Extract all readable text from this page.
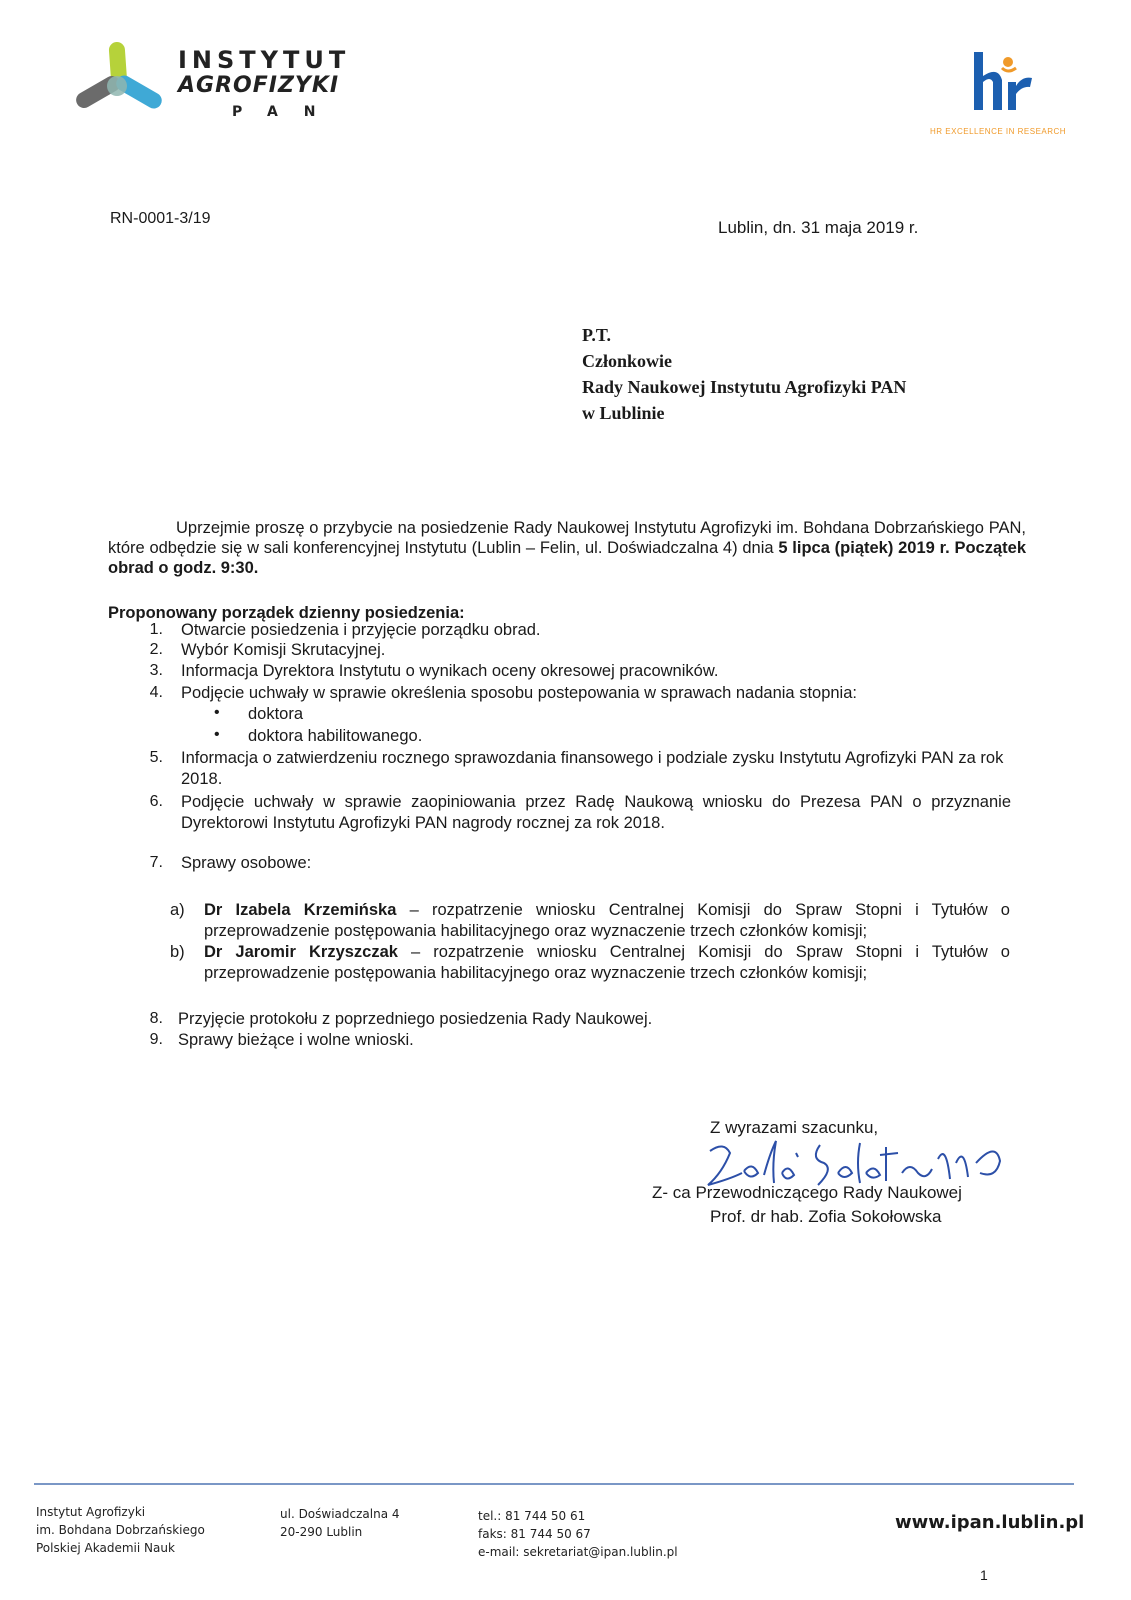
INSTYTUT
AGROFIZYKI
PAN
HR EXCELLENCE IN RESEARCH
RN-0001-3/19	Lublin, dn. 31 maja 2019 r.
P.T.
Członkowie
Rady Naukowej Instytutu Agrofizyki PAN
w Lublinie
Uprzejmie proszę o przybycie na posiedzenie Rady Naukowej Instytutu Agrofizyki im. Bohdana Dobrzańskiego PAN, które odbędzie się w sali konferencyjnej Instytutu (Lublin – Felin, ul. Doświadczalna 4) dnia 5 lipca (piątek) 2019 r. Początek obrad o godz. 9:30.
Proponowany porządek dzienny posiedzenia:
1. Otwarcie posiedzenia i przyjęcie porządku obrad.
2. Wybór Komisji Skrutacyjnej.
3. Informacja Dyrektora Instytutu o wynikach oceny okresowej pracowników.
4. Podjęcie uchwały w sprawie określenia sposobu postepowania w sprawach nadania stopnia:
• doktora
• doktora habilitowanego.
5. Informacja o zatwierdzeniu rocznego sprawozdania finansowego i podziale zysku Instytutu Agrofizyki PAN za rok 2018.
6. Podjęcie uchwały w sprawie zaopiniowania przez Radę Naukową wniosku do Prezesa PAN o przyznanie Dyrektorowi Instytutu Agrofizyki PAN nagrody rocznej za rok 2018.
7. Sprawy osobowe:
a) Dr Izabela Krzemińska – rozpatrzenie wniosku Centralnej Komisji do Spraw Stopni i Tytułów o przeprowadzenie postępowania habilitacyjnego oraz wyznaczenie trzech członków komisji;
b) Dr Jaromir Krzyszczak – rozpatrzenie wniosku Centralnej Komisji do Spraw Stopni i Tytułów o przeprowadzenie postępowania habilitacyjnego oraz wyznaczenie trzech członków komisji;
8. Przyjęcie protokołu z poprzedniego posiedzenia Rady Naukowej.
9. Sprawy bieżące i wolne wnioski.
Z wyrazami szacunku,
Z- ca Przewodniczącego Rady Naukowej
Prof. dr hab. Zofia Sokołowska
Instytut Agrofizyki
im. Bohdana Dobrzańskiego
Polskiej Akademii Nauk
ul. Doświadczalna 4
20-290 Lublin
tel.: 81 744 50 61
faks: 81 744 50 67
e-mail: sekretariat@ipan.lublin.pl
www.ipan.lublin.pl
1
